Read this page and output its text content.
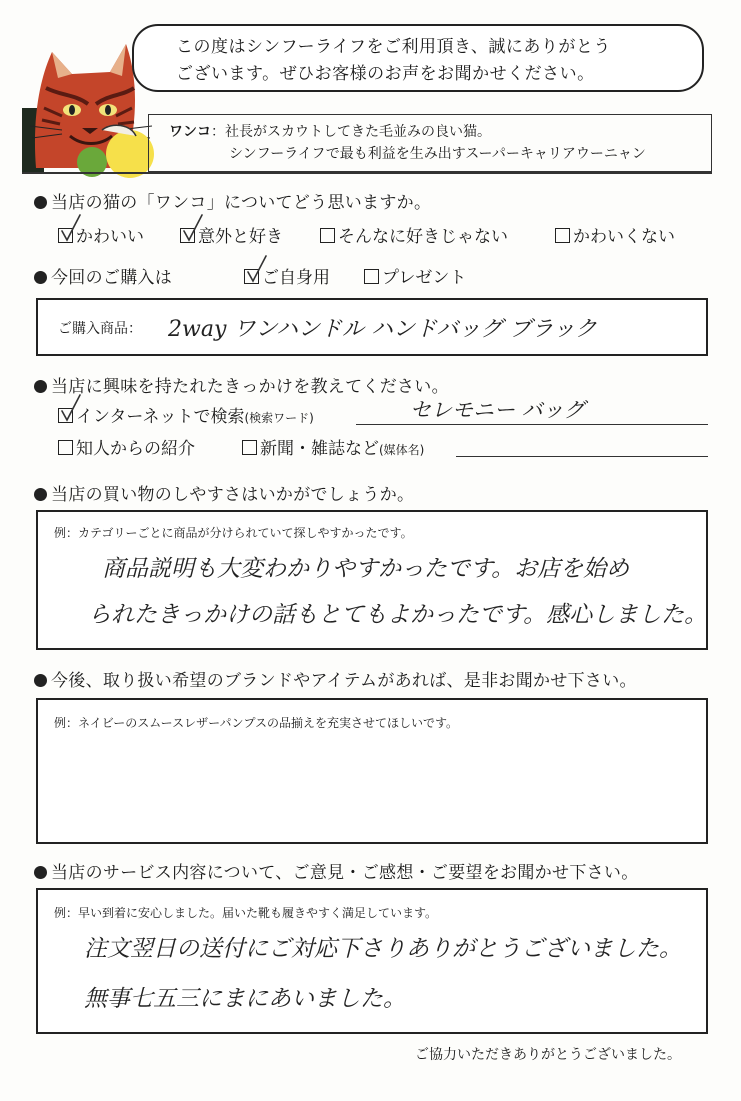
この度はシンフーライフをご利用頂き、誠にありがとう
ございます。ぜひお客様のお声をお聞かせください。
ワンコ：社長がスカウトしてきた毛並みの良い猫。
シンフーライフで最も利益を生み出すスーパーキャリアウーニャン
当店の猫の「ワンコ」についてどう思いますか。
かわいい	意外と好き	そんなに好きじゃない	かわいくない
今回のご購入は	ご自身用	プレゼント
ご購入商品： 2way ワンハンドル ハンドバッグ ブラック
当店に興味を持たれたきっかけを教えてください。
インターネットで検索(検索ワード)	セレモニー バッグ
知人からの紹介	新聞・雑誌など(媒体名)
当店の買い物のしやすさはいかがでしょうか。
例：カテゴリーごとに商品が分けられていて探しやすかったです。
商品説明も大変わかりやすかったです。お店を始め
られたきっかけの話もとてもよかったです。感心しました。
今後、取り扱い希望のブランドやアイテムがあれば、是非お聞かせ下さい。
例：ネイビーのスムースレザーパンプスの品揃えを充実させてほしいです。
当店のサービス内容について、ご意見・ご感想・ご要望をお聞かせ下さい。
例：早い到着に安心しました。届いた靴も履きやすく満足しています。
注文翌日の送付にご対応下さりありがとうございました。
無事七五三にまにあいました。
ご協力いただきありがとうございました。
